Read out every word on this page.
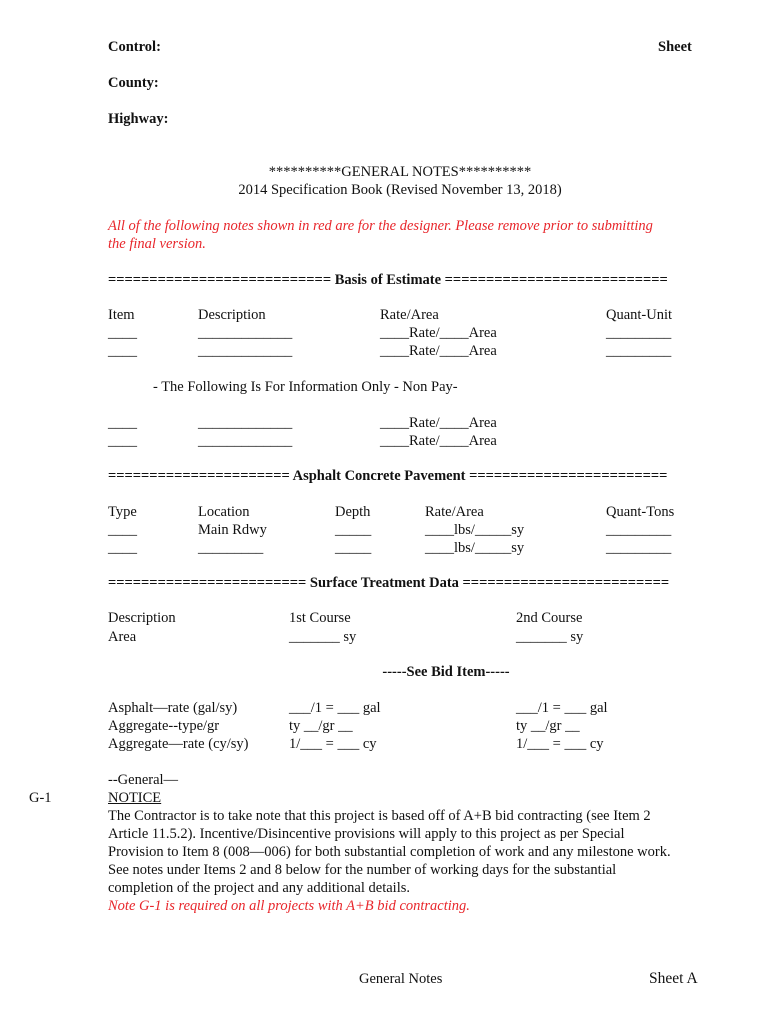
Control:	Sheet
County:
Highway:
**********GENERAL NOTES**********
2014 Specification Book (Revised November 13, 2018)
All of the following notes shown in red are for the designer. Please remove prior to submitting
the final version.
=========================== Basis of Estimate ===========================
Item	Description	Rate/Area	Quant-Unit
____	_____________	____Rate/____Area	_________
____	_____________	____Rate/____Area	_________
- The Following Is For Information Only - Non Pay-
____	_____________	____Rate/____Area
____	_____________	____Rate/____Area
====================== Asphalt Concrete Pavement ========================
Type	Location	Depth	Rate/Area	Quant-Tons
____	Main Rdwy	_____	____lbs/_____sy	_________
____	_________	_____	____lbs/_____sy	_________
======================== Surface Treatment Data =========================
Description	1st Course	2nd Course
Area	_______ sy	_______ sy
-----See Bid Item-----
Asphalt—rate (gal/sy)	___/1 = ___ gal	___/1 = ___ gal
Aggregate--type/gr	ty __/gr __	ty __/gr __
Aggregate—rate (cy/sy)	1/___ = ___ cy	1/___ = ___ cy
--General—
G-1	NOTICE
The Contractor is to take note that this project is based off of A+B bid contracting (see Item 2
Article 11.5.2). Incentive/Disincentive provisions will apply to this project as per Special
Provision to Item 8 (008—006) for both substantial completion of work and any milestone work.
See notes under Items 2 and 8 below for the number of working days for the substantial
completion of the project and any additional details.
Note G-1 is required on all projects with A+B bid contracting.
General Notes	Sheet A
